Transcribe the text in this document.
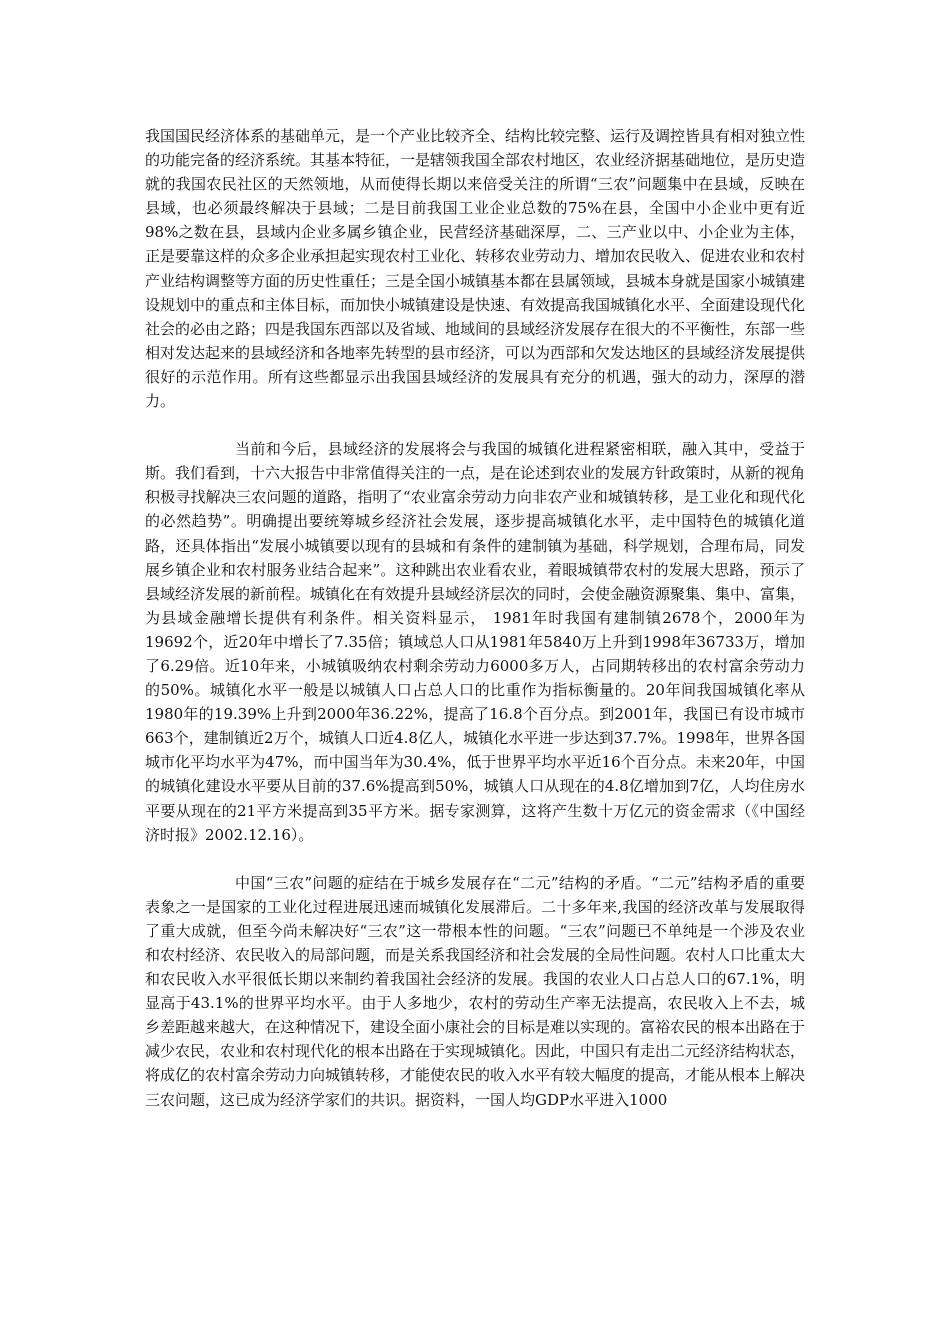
我国国民经济体系的基础单元，是一个产业比较齐全、结构比较完整、运行及调控皆具有相对独立性的功能完备的经济系统。其基本特征，一是辖领我国全部农村地区，农业经济据基础地位，是历史造就的我国农民社区的天然领地，从而使得长期以来倍受关注的所谓“三农”问题集中在县域，反映在县域，也必须最终解决于县域；二是目前我国工业企业总数的75%在县，全国中小企业中更有近98%之数在县，县域内企业多属乡镇企业，民营经济基础深厚，二、三产业以中、小企业为主体，正是要靠这样的众多企业承担起实现农村工业化、转移农业劳动力、增加农民收入、促进农业和农村产业结构调整等方面的历史性重任；三是全国小城镇基本都在县属领域，县城本身就是国家小城镇建设规划中的重点和主体目标，而加快小城镇建设是快速、有效提高我国城镇化水平、全面建设现代化社会的必由之路；四是我国东西部以及省域、地域间的县域经济发展存在很大的不平衡性，东部一些相对发达起来的县域经济和各地率先转型的县市经济，可以为西部和欠发达地区的县域经济发展提供很好的示范作用。所有这些都显示出我国县域经济的发展具有充分的机遇，强大的动力，深厚的潜力。

当前和今后，县域经济的发展将会与我国的城镇化进程紧密相联，融入其中，受益于斯。我们看到，十六大报告中非常值得关注的一点，是在论述到农业的发展方针政策时，从新的视角积极寻找解决三农问题的道路，指明了“农业富余劳动力向非农产业和城镇转移，是工业化和现代化的必然趋势”。明确提出要统筹城乡经济社会发展，逐步提高城镇化水平，走中国特色的城镇化道路，还具体指出“发展小城镇要以现有的县城和有条件的建制镇为基础，科学规划，合理布局，同发展乡镇企业和农村服务业结合起来”。这种跳出农业看农业，着眼城镇带农村的发展大思路，预示了县域经济发展的新前程。城镇化在有效提升县域经济层次的同时，会使金融资源聚集、集中、富集，为县域金融增长提供有利条件。相关资料显示， 1981年时我国有建制镇2678个，2000年为19692个，近20年中增长了7.35倍；镇域总人口从1981年5840万上升到1998年36733万，增加了6.29倍。近10年来，小城镇吸纳农村剩余劳动力6000多万人，占同期转移出的农村富余劳动力的50%。城镇化水平一般是以城镇人口占总人口的比重作为指标衡量的。20年间我国城镇化率从1980年的19.39%上升到2000年36.22%，提高了16.8个百分点。到2001年，我国已有设市城市663个，建制镇近2万个，城镇人口近4.8亿人，城镇化水平进一步达到37.7%。1998年，世界各国城市化平均水平为47%，而中国当年为30.4%，低于世界平均水平近16个百分点。未来20年，中国的城镇化建设水平要从目前的37.6%提高到50%，城镇人口从现在的4.8亿增加到7亿，人均住房水平要从现在的21平方米提高到35平方米。据专家测算，这将产生数十万亿元的资金需求（《中国经济时报》2002.12.16）。

中国“三农”问题的症结在于城乡发展存在“二元”结构的矛盾。“二元”结构矛盾的重要表象之一是国家的工业化过程进展迅速而城镇化发展滞后。二十多年来,我国的经济改革与发展取得了重大成就，但至今尚未解决好“三农”这一带根本性的问题。“三农”问题已不单纯是一个涉及农业和农村经济、农民收入的局部问题，而是关系我国经济和社会发展的全局性问题。农村人口比重太大和农民收入水平很低长期以来制约着我国社会经济的发展。我国的农业人口占总人口的67.1%，明显高于43.1%的世界平均水平。由于人多地少，农村的劳动生产率无法提高，农民收入上不去，城乡差距越来越大，在这种情况下，建设全面小康社会的目标是难以实现的。富裕农民的根本出路在于减少农民，农业和农村现代化的根本出路在于实现城镇化。因此，中国只有走出二元经济结构状态，将成亿的农村富余劳动力向城镇转移，才能使农民的收入水平有较大幅度的提高，才能从根本上解决三农问题，这已成为经济学家们的共识。据资料，一国人均GDP水平进入1000
